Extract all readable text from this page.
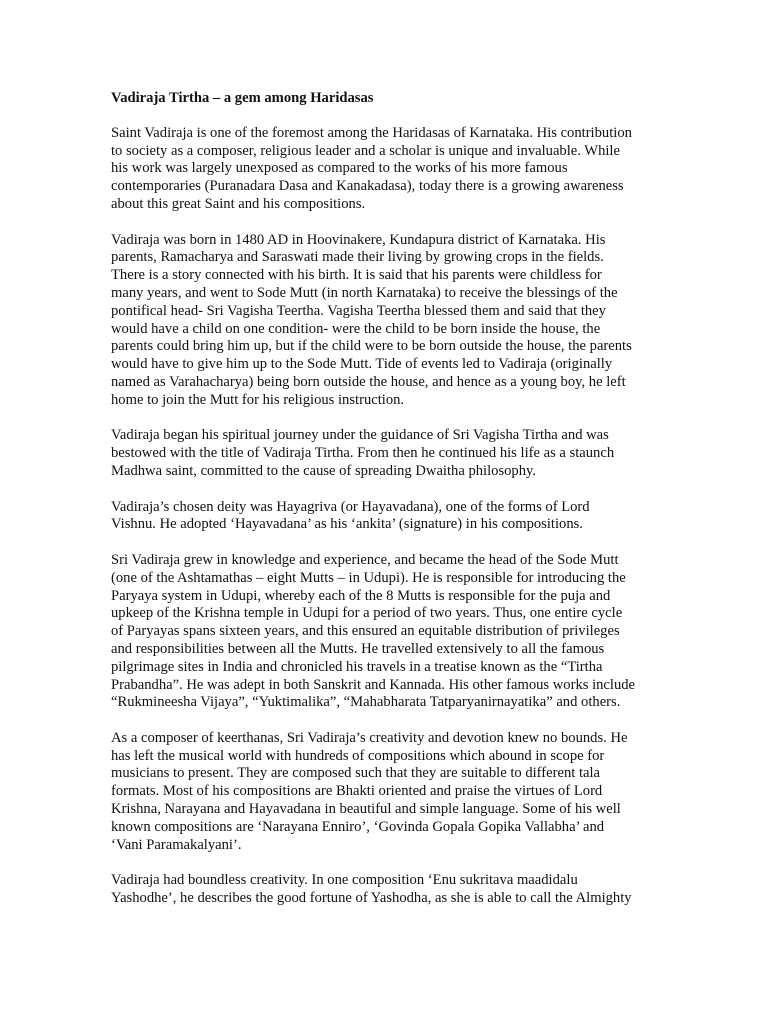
Vadiraja Tirtha – a gem among Haridasas
Saint Vadiraja is one of the foremost among the Haridasas of Karnataka. His contribution
to society as a composer, religious leader and a scholar is unique and invaluable. While
his work was largely unexposed as compared to the works of his more famous
contemporaries (Puranadara Dasa and Kanakadasa), today there is a growing awareness
about this great Saint and his compositions.
Vadiraja was born in 1480 AD in Hoovinakere, Kundapura district of Karnataka. His
parents, Ramacharya and Saraswati made their living by growing crops in the fields.
There is a story connected with his birth. It is said that his parents were childless for
many years, and went to Sode Mutt (in north Karnataka) to receive the blessings of the
pontifical head- Sri Vagisha Teertha. Vagisha Teertha blessed them and said that they
would have a child on one condition- were the child to be born inside the house, the
parents could bring him up, but if the child were to be born outside the house, the parents
would have to give him up to the Sode Mutt. Tide of events led to Vadiraja (originally
named as Varahacharya) being born outside the house, and hence as a young boy, he left
home to join the Mutt for his religious instruction.
Vadiraja began his spiritual journey under the guidance of Sri Vagisha Tirtha and was
bestowed with the title of Vadiraja Tirtha. From then he continued his life as a staunch
Madhwa saint, committed to the cause of spreading Dwaitha philosophy.
Vadiraja’s chosen deity was Hayagriva (or Hayavadana), one of the forms of Lord
Vishnu. He adopted ‘Hayavadana’ as his ‘ankita’ (signature) in his compositions.
Sri Vadiraja grew in knowledge and experience, and became the head of the Sode Mutt
(one of the Ashtamathas – eight Mutts – in Udupi). He is responsible for introducing the
Paryaya system in Udupi, whereby each of the 8 Mutts is responsible for the puja and
upkeep of the Krishna temple in Udupi for a period of two years. Thus, one entire cycle
of Paryayas spans sixteen years, and this ensured an equitable distribution of privileges
and responsibilities between all the Mutts. He travelled extensively to all the famous
pilgrimage sites in India and chronicled his travels in a treatise known as the “Tirtha
Prabandha”. He was adept in both Sanskrit and Kannada. His other famous works include
“Rukmineesha Vijaya”, “Yuktimalika”, “Mahabharata Tatparyanirnayatika” and others.
As a composer of keerthanas, Sri Vadiraja’s creativity and devotion knew no bounds. He
has left the musical world with hundreds of compositions which abound in scope for
musicians to present. They are composed such that they are suitable to different tala
formats. Most of his compositions are Bhakti oriented and praise the virtues of Lord
Krishna, Narayana and Hayavadana in beautiful and simple language. Some of his well
known compositions are ‘Narayana Enniro’, ‘Govinda Gopala Gopika Vallabha’ and
‘Vani Paramakalyani’.
Vadiraja had boundless creativity. In one composition ‘Enu sukritava maadidalu
Yashodhe’, he describes the good fortune of Yashodha, as she is able to call the Almighty
